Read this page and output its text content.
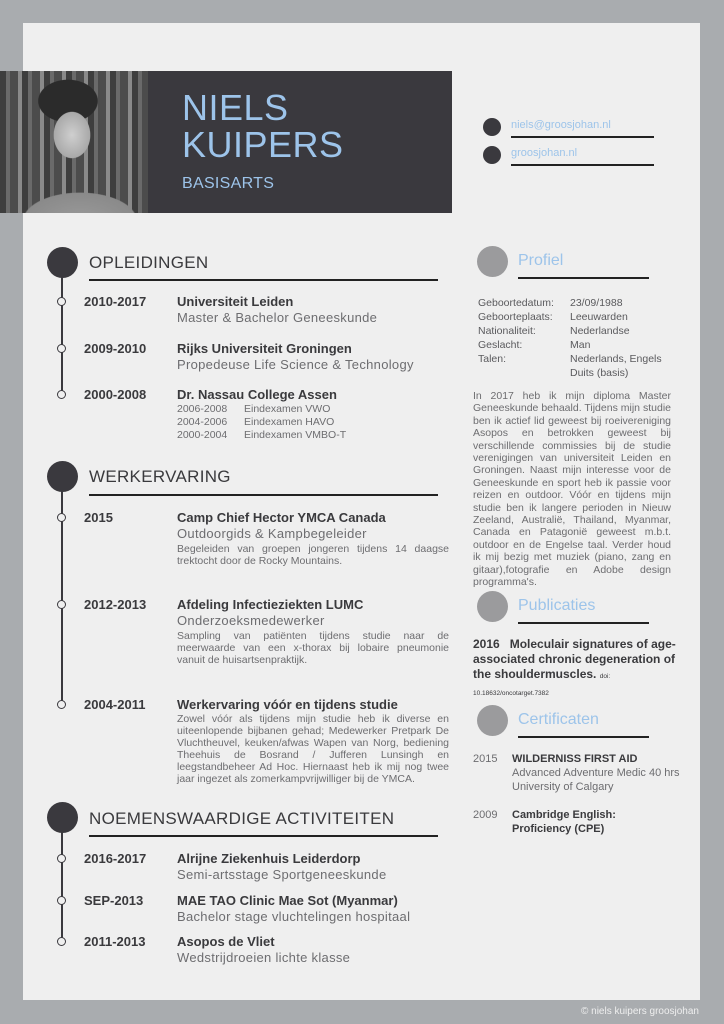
NIELS
KUIPERS
BASISARTS
niels@groosjohan.nl
groosjohan.nl
OPLEIDINGEN
2010-2017 Universiteit Leiden
Master & Bachelor Geneeskunde
2009-2010 Rijks Universiteit Groningen
Propedeuse Life Science & Technology
2000-2008 Dr. Nassau College Assen
2006-2008 Eindexamen VWO
2004-2006 Eindexamen HAVO
2000-2004 Eindexamen VMBO-T
WERKERVARING
2015	Camp Chief Hector YMCA Canada
Outdoorgids & Kampbegeleider
Begeleiden van groepen jongeren tijdens 14 daagse trektocht door de Rocky Mountains.
2012-2013 Afdeling Infectieziekten LUMC
Onderzoeksmedewerker
Sampling van patiënten tijdens studie naar de meerwaarde van een x-thorax bij lobaire pneumonie vanuit de huisartsenpraktijk.
2004-2011 Werkervaring vóór en tijdens studie
Zowel vóór als tijdens mijn studie heb ik diverse en uiteenlopende bijbanen gehad; Medewerker Pretpark De Vluchtheuvel, keuken/afwas Wapen van Norg, bediening Theehuis de Bosrand / Jufferen Lunsingh en leegstandbeheer Ad Hoc. Hiernaast heb ik mij nog twee jaar ingezet als zomerkampvrijwilliger bij de YMCA.
NOEMENSWAARDIGE ACTIVITEITEN
2016-2017 Alrijne Ziekenhuis Leiderdorp
Semi-artsstage Sportgeneeskunde
SEP-2013	MAE TAO Clinic Mae Sot (Myanmar)
Bachelor stage vluchtelingen hospitaal
2011-2013 Asopos de Vliet
Wedstrijdroeien lichte klasse
Profiel
Geboortedatum: 23/09/1988
Geboorteplaats: Leeuwarden
Nationaliteit:	Nederlandse
Geslacht:	Man
Talen:	Nederlands, Engels
Duits (basis)
In 2017 heb ik mijn diploma Master Geneeskunde behaald. Tijdens mijn studie ben ik actief lid geweest bij roeivereniging Asopos en betrokken geweest bij verschillende commissies bij de studie verenigingen van universiteit Leiden en Groningen. Naast mijn interesse voor de Geneeskunde en sport heb ik passie voor reizen en outdoor. Vóór en tijdens mijn studie ben ik langere perioden in Nieuw Zeeland, Australië, Thailand, Myanmar, Canada en Patagonië geweest m.b.t. outdoor en de Engelse taal. Verder houd ik mij bezig met muziek (piano, zang en gitaar),fotografie en Adobe design programma's.
Publicaties
2016 Moleculair signatures of age-associated chronic degeneration of the shouldermuscles. doi: 10.18632/oncotarget.7382
Certificaten
2015 WILDERNISS FIRST AID
Advanced Adventure Medic 40 hrs
University of Calgary
2009 Cambridge English: Proficiency (CPE)
© niels kuipers groosjohan
